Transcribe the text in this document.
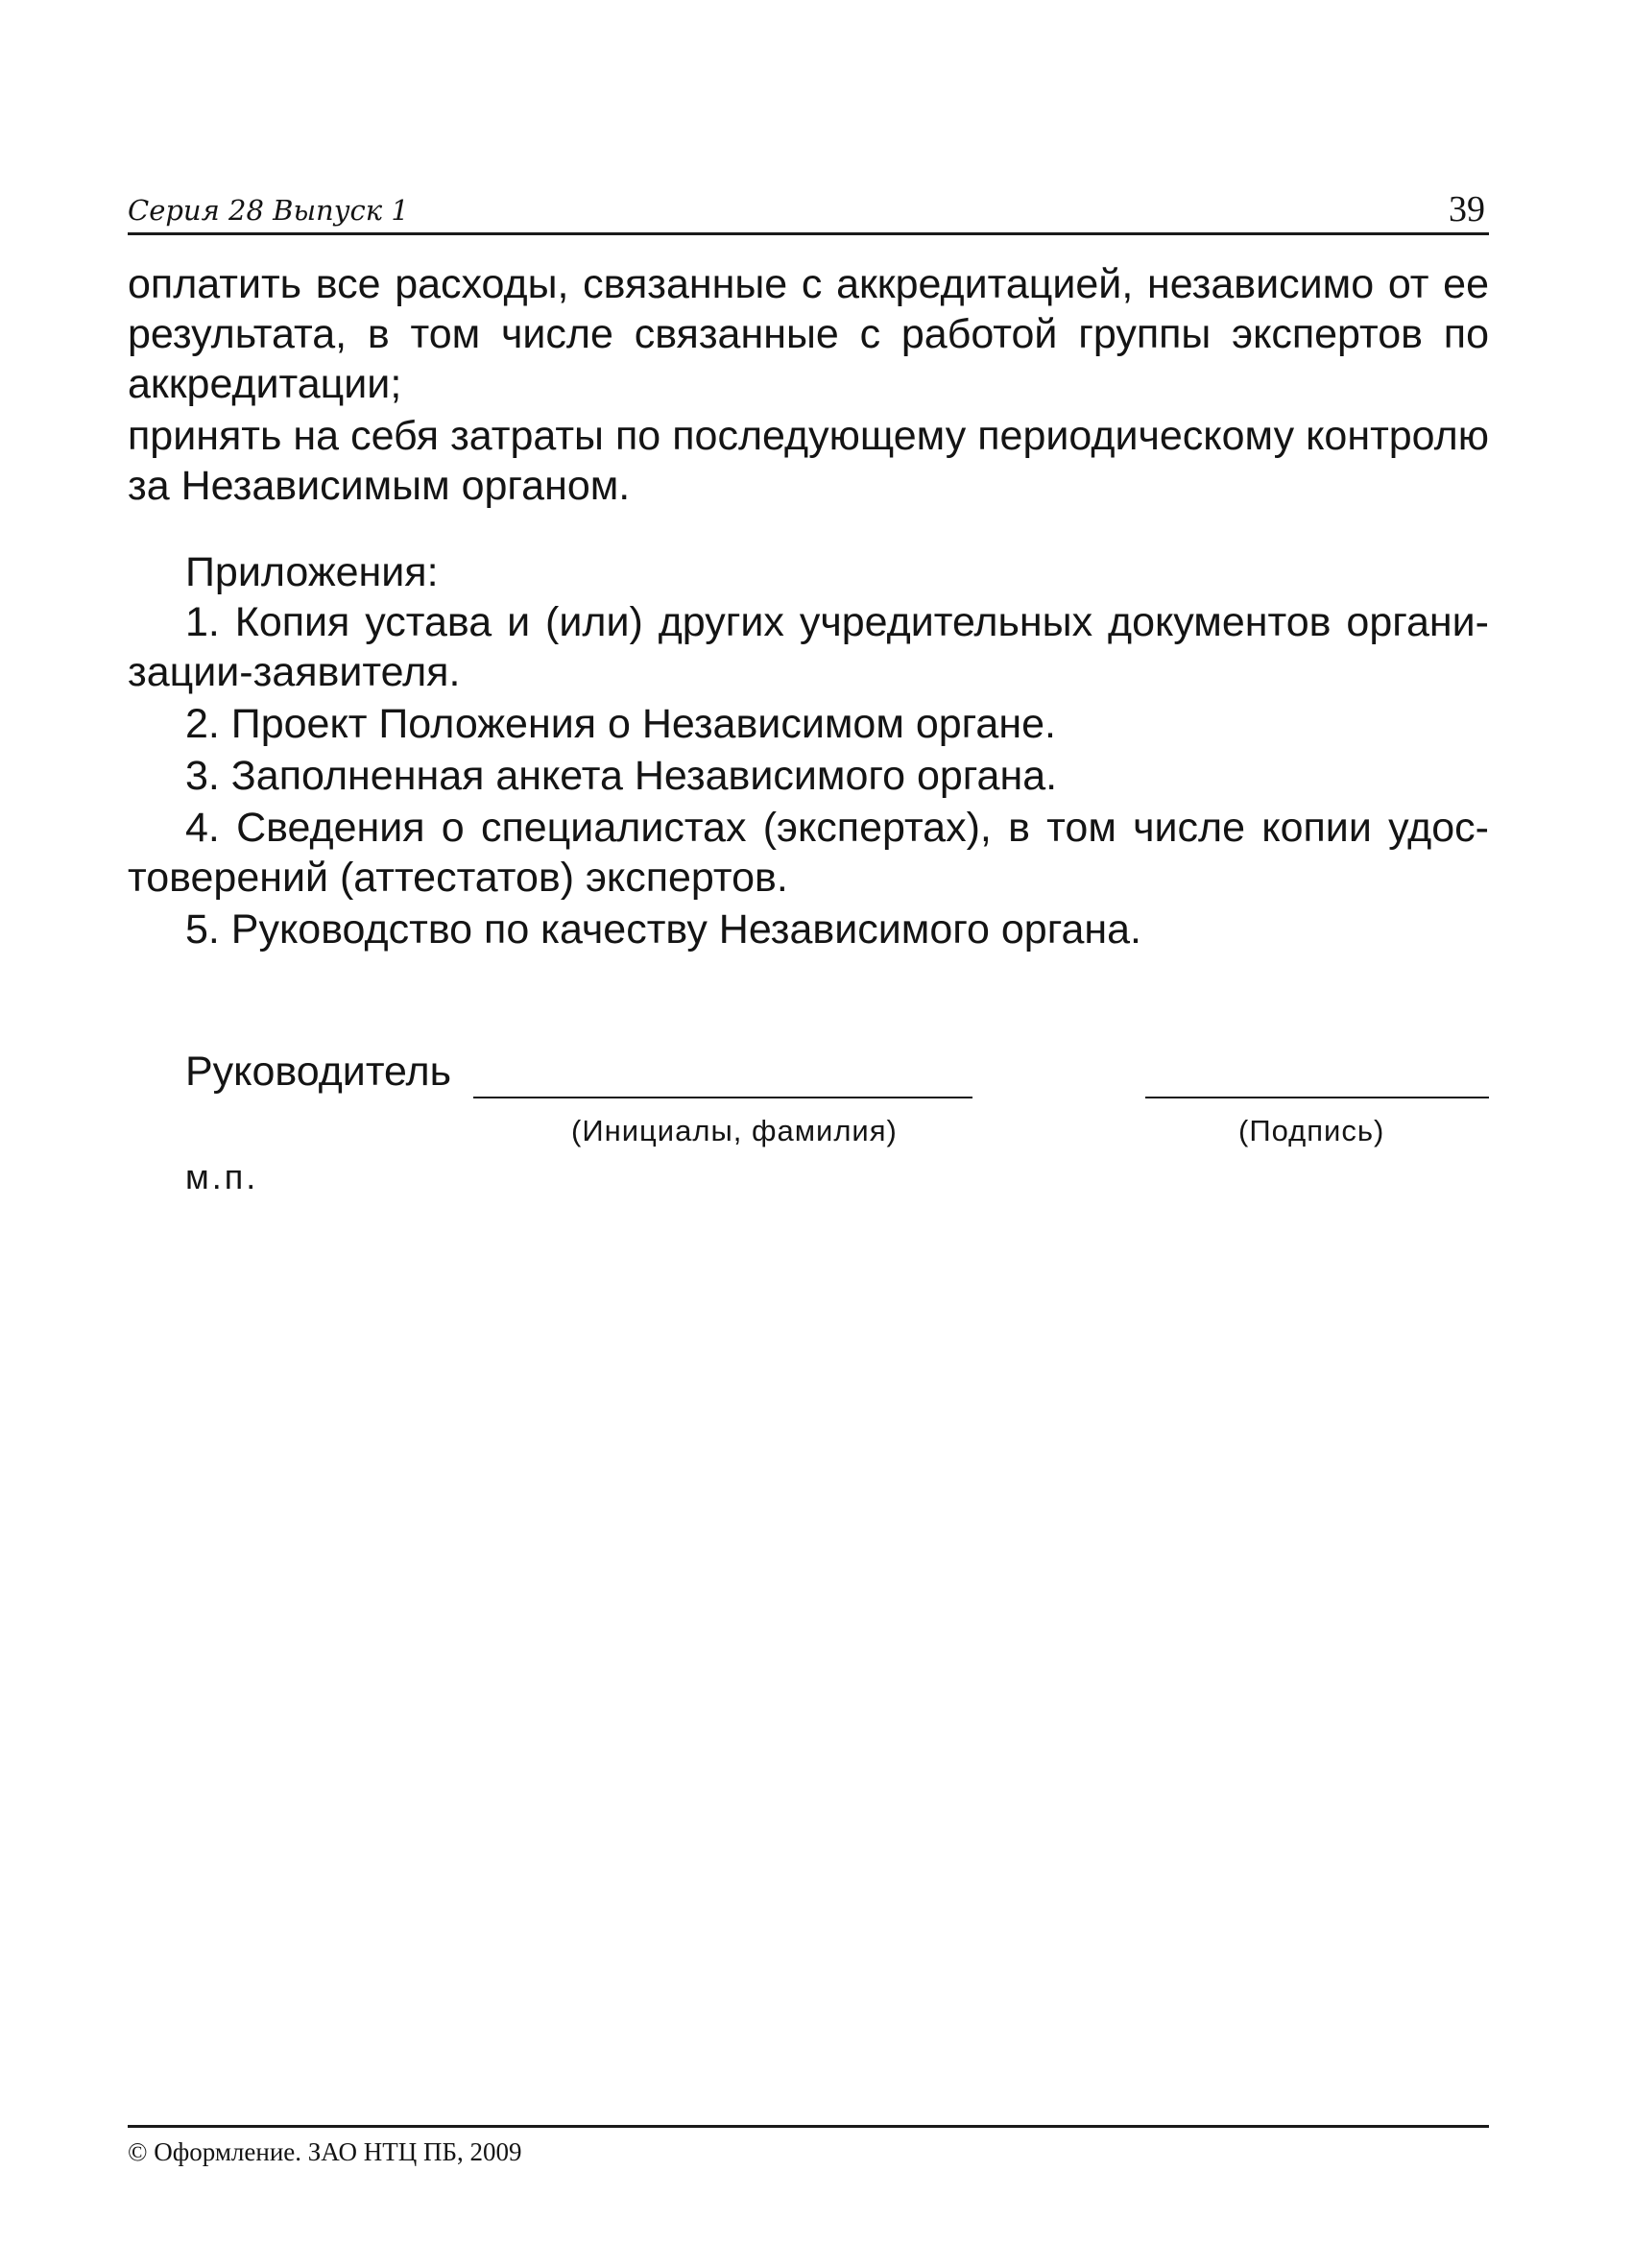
Серия 28 Выпуск 1	39

оплатить все расходы, связанные с аккредитацией, независимо от ее результата, в том числе связанные с работой группы экспертов по аккредитации;

принять на себя затраты по последующему периодическому контролю за Независимым органом.

Приложения:

1. Копия устава и (или) других учредительных документов организации-заявителя.

2. Проект Положения о Независимом органе.

3. Заполненная анкета Независимого органа.

4. Сведения о специалистах (экспертах), в том числе копии удостоверений (аттестатов) экспертов.

5. Руководство по качеству Независимого органа.

Руководитель
(Инициалы, фамилия)	(Подпись)
м.п.
© Оформление. ЗАО НТЦ ПБ, 2009
